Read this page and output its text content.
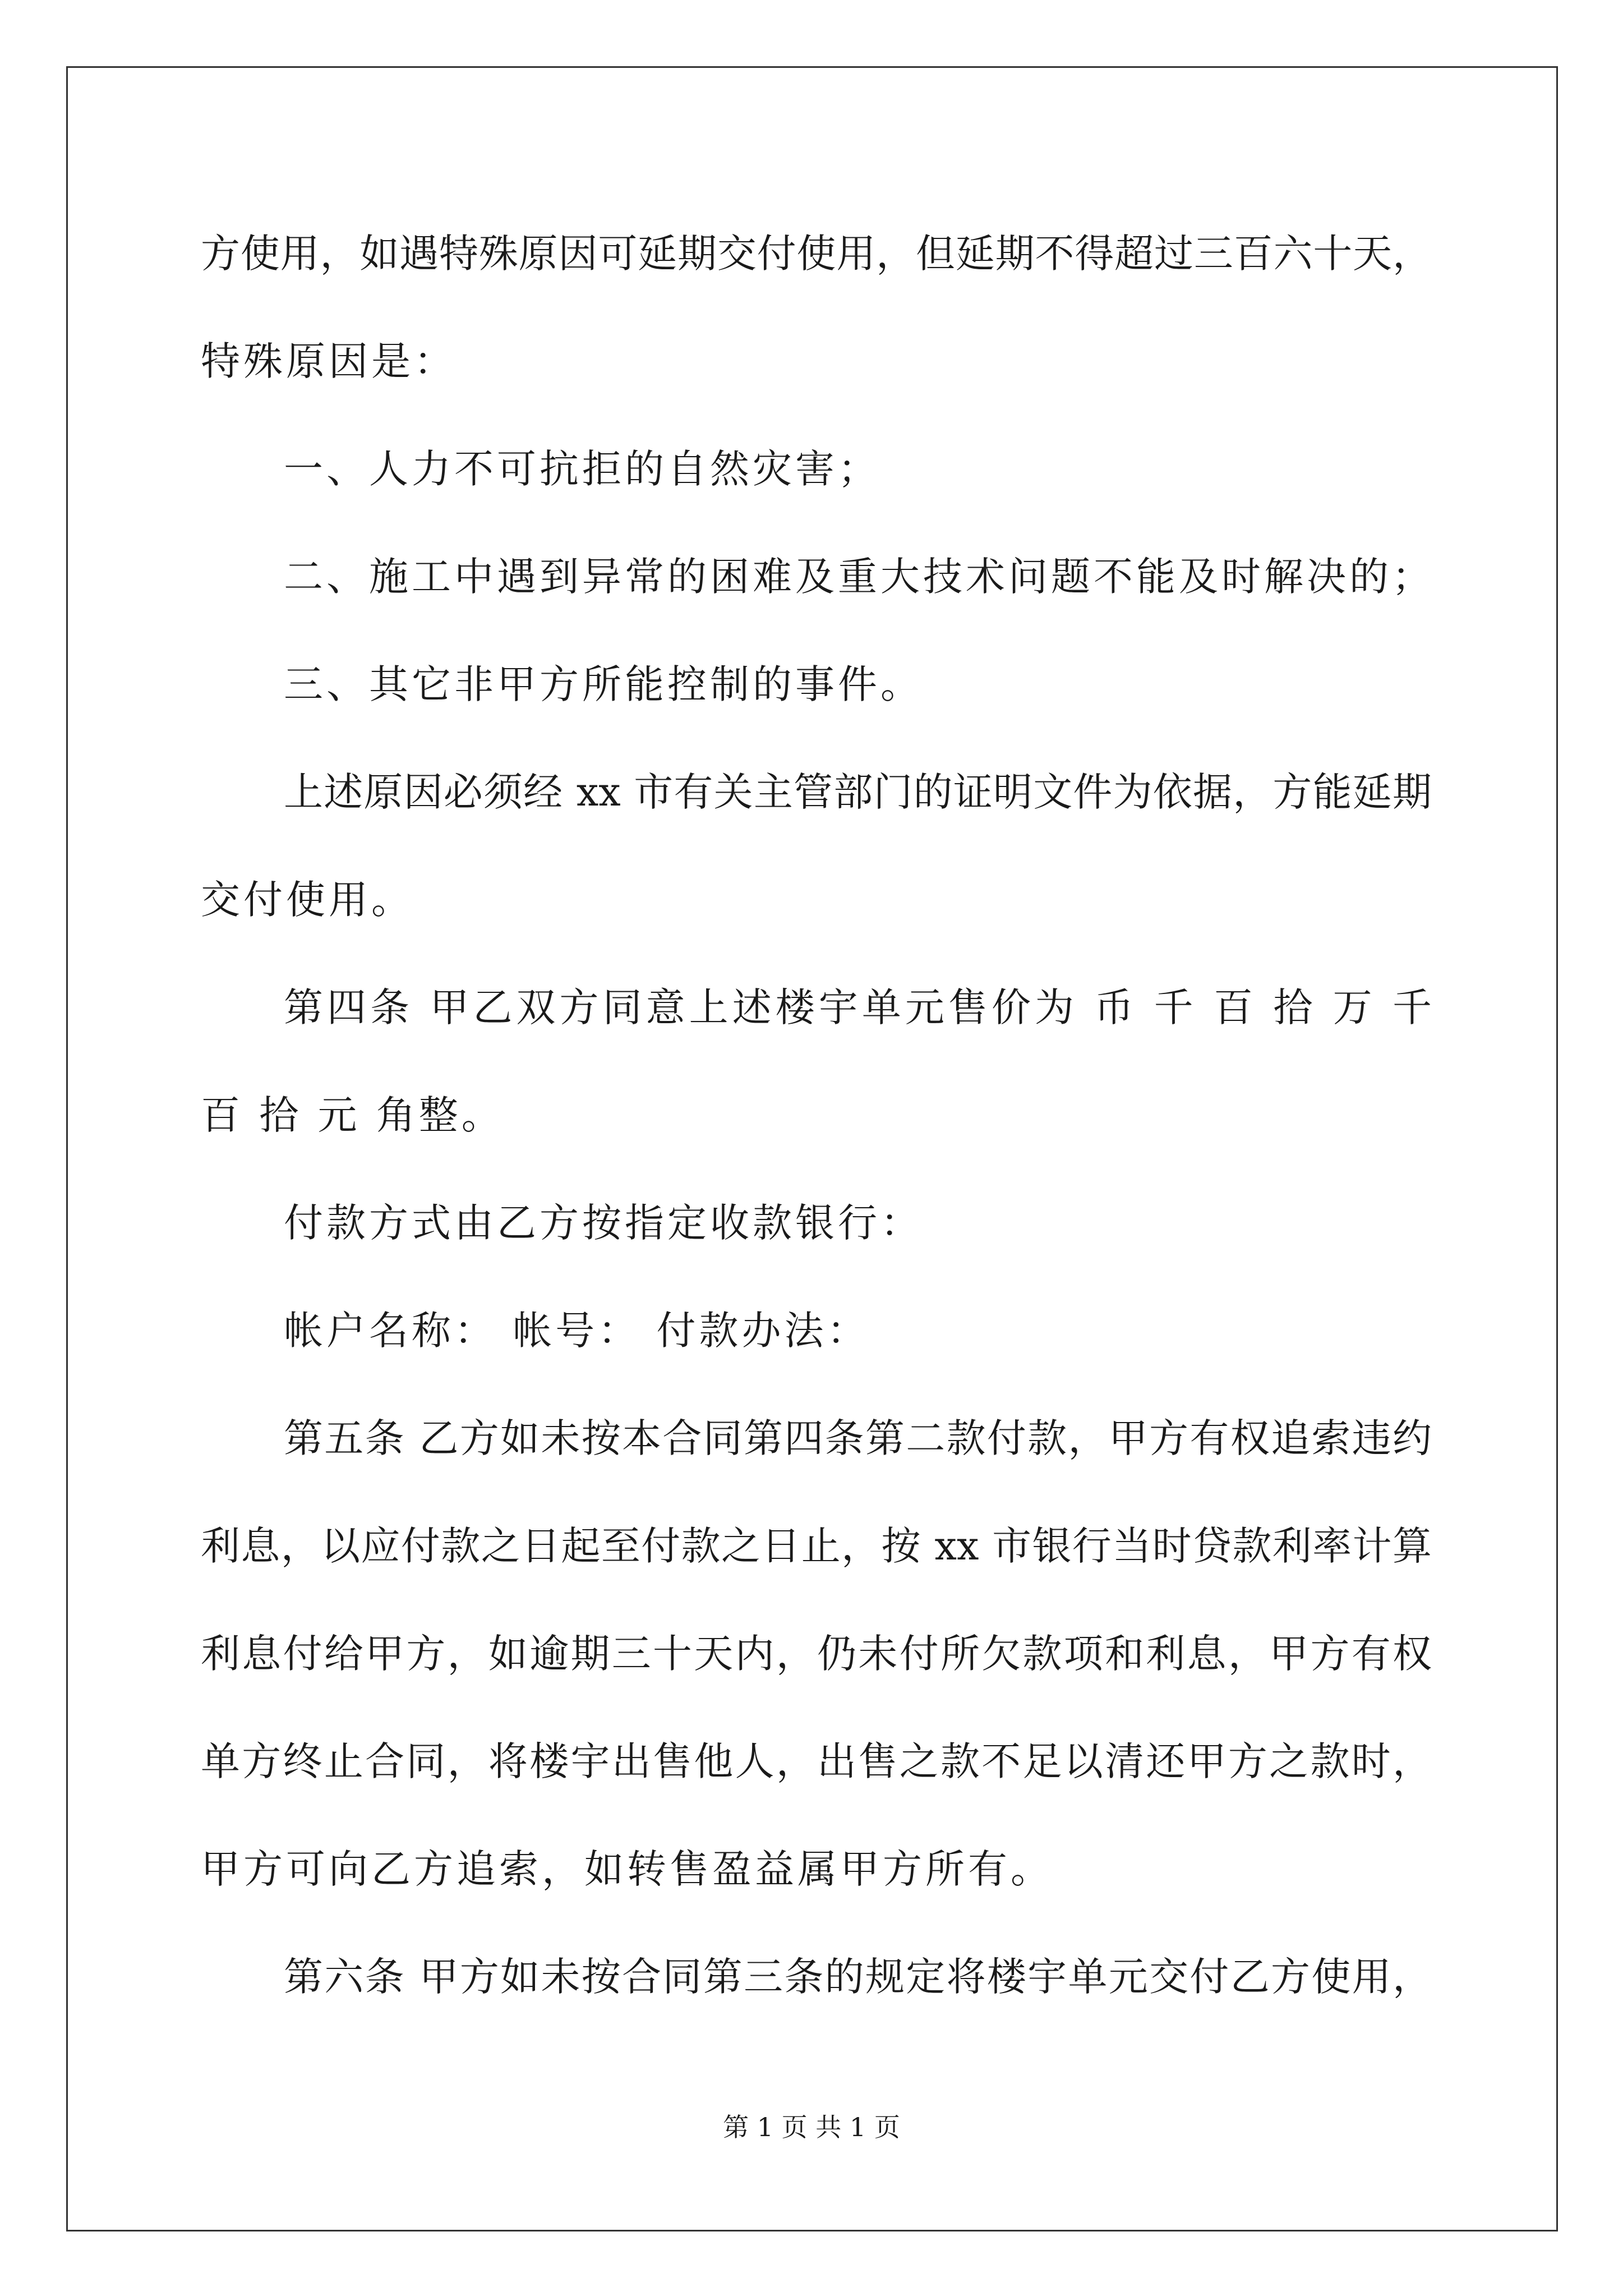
方使用，如遇特殊原因可延期交付使用，但延期不得超过三百六十天，
特殊原因是：
一、人力不可抗拒的自然灾害；
二、施工中遇到异常的困难及重大技术问题不能及时解决的；
三、其它非甲方所能控制的事件。
上述原因必须经 xx 市有关主管部门的证明文件为依据，方能延期
交付使用。
第四条 甲乙双方同意上述楼宇单元售价为 币 千 百 拾 万 千
百 拾 元 角整。
付款方式由乙方按指定收款银行：
帐户名称： 帐号： 付款办法：
第五条 乙方如未按本合同第四条第二款付款，甲方有权追索违约
利息，以应付款之日起至付款之日止，按 xx 市银行当时贷款利率计算
利息付给甲方，如逾期三十天内，仍未付所欠款项和利息，甲方有权
单方终止合同，将楼宇出售他人，出售之款不足以清还甲方之款时，
甲方可向乙方追索，如转售盈益属甲方所有。
第六条 甲方如未按合同第三条的规定将楼宇单元交付乙方使用，
第 1 页 共 1 页
